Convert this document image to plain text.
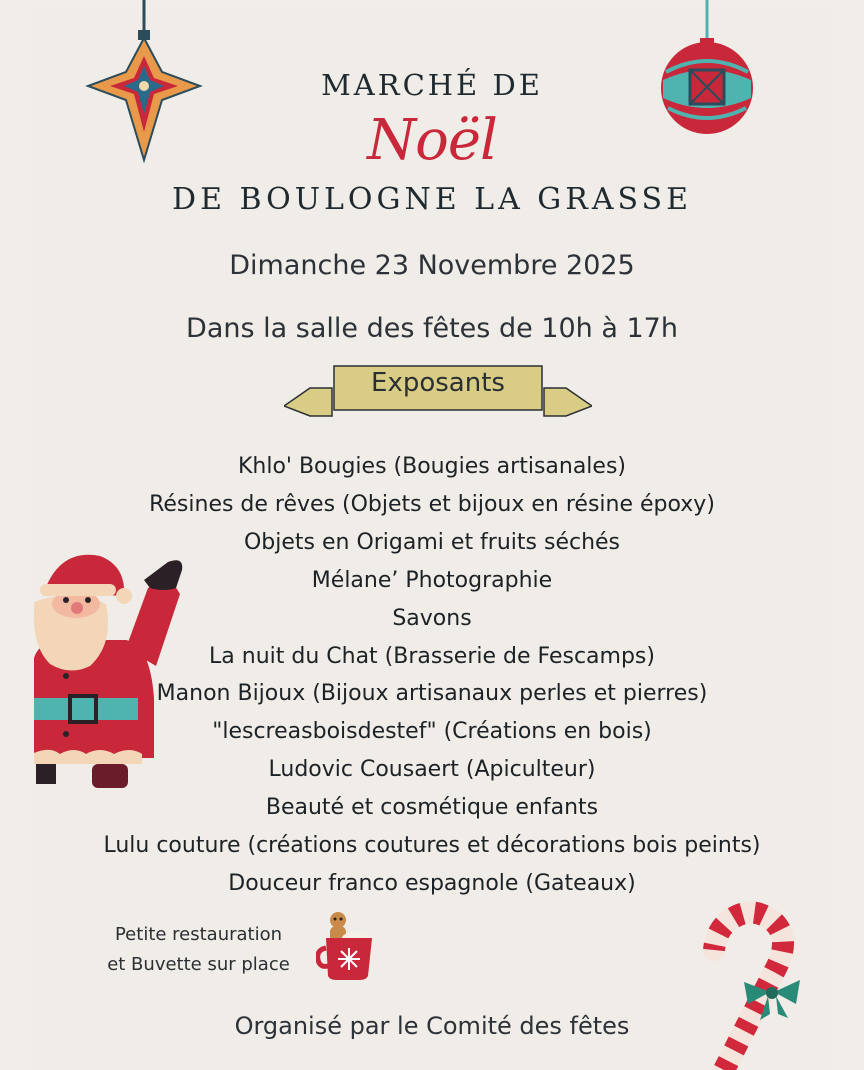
MARCHÉ DE
Noël
DE BOULOGNE LA GRASSE
Dimanche 23 Novembre 2025
Dans la salle des fêtes de 10h à 17h
Exposants
Khlo' Bougies (Bougies artisanales)
Résines de rêves (Objets et bijoux en résine époxy)
Objets en Origami et fruits séchés
Mélane’ Photographie
Savons
La nuit du Chat (Brasserie de Fescamps)
Manon Bijoux (Bijoux artisanaux perles et pierres)
"lescreasboisdestef" (Créations en bois)
Ludovic Cousaert (Apiculteur)
Beauté et cosmétique enfants
Lulu couture (créations coutures et décorations bois peints)
Douceur franco espagnole (Gateaux)
Petite restauration
et Buvette sur place
Organisé par le Comité des fêtes
